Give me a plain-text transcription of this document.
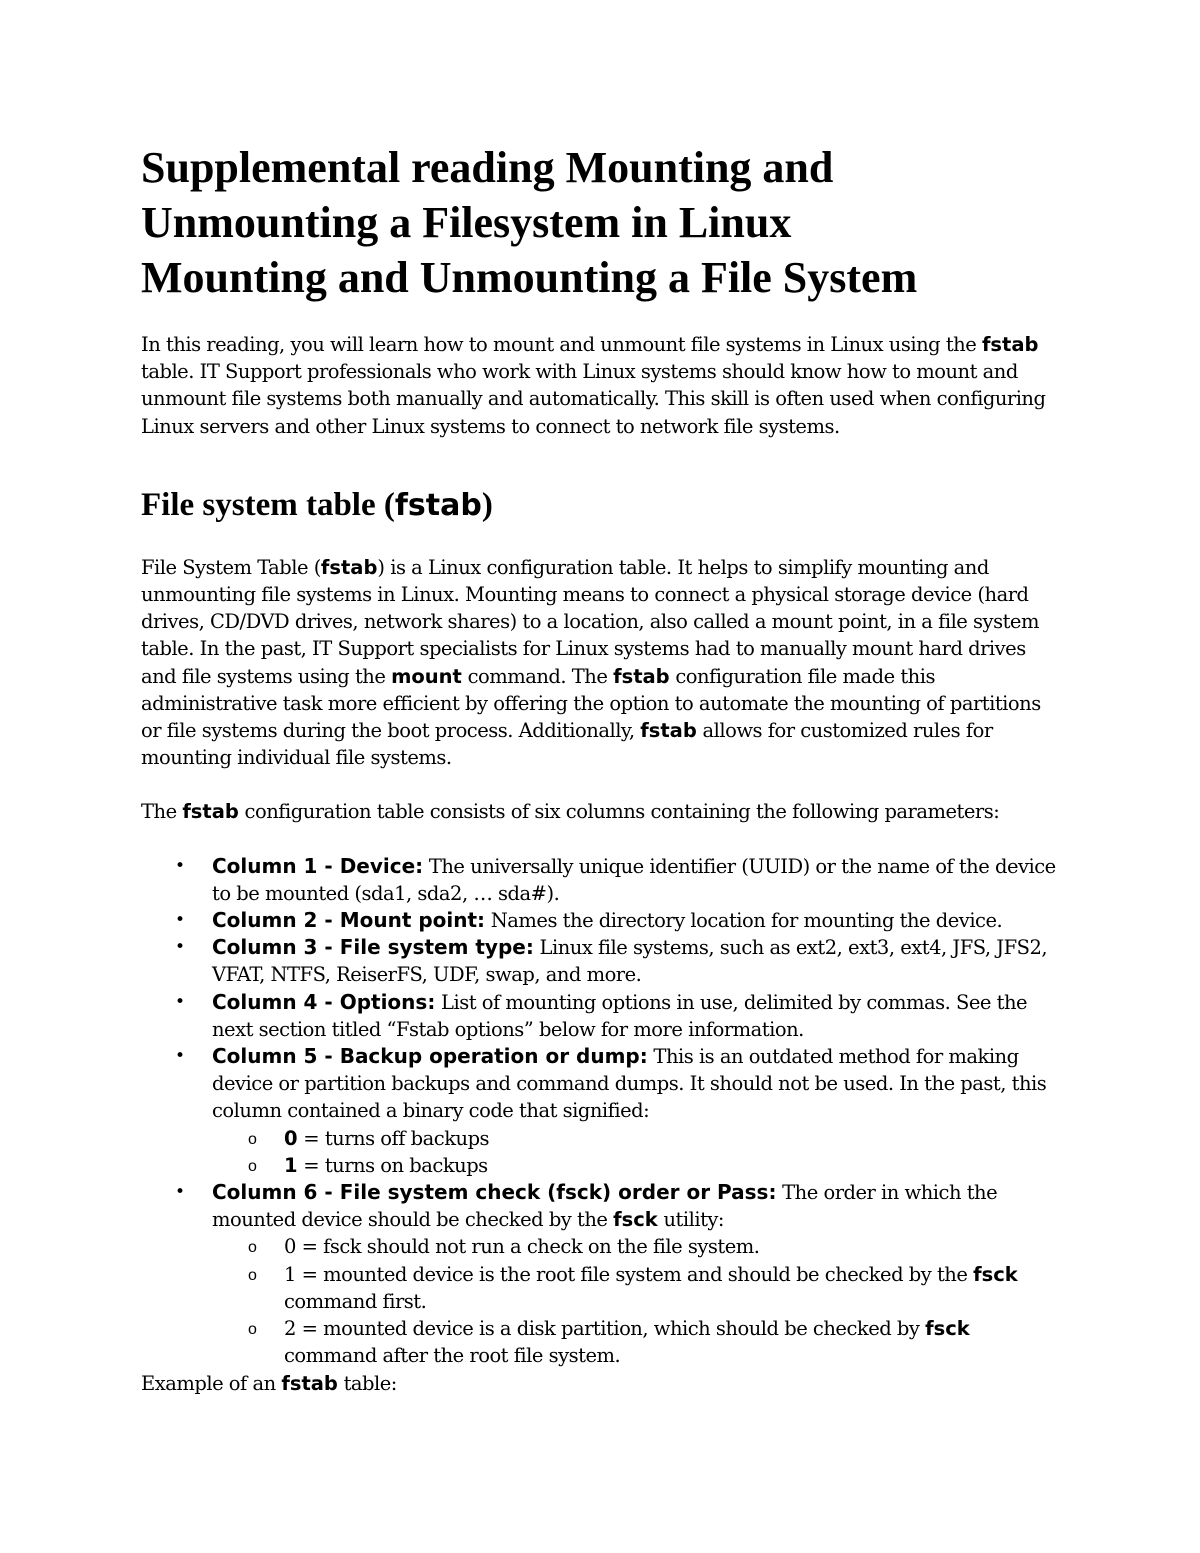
Supplemental reading Mounting and
Unmounting a Filesystem in Linux
Mounting and Unmounting a File System

In this reading, you will learn how to mount and unmount file systems in Linux using the fstab table. IT Support professionals who work with Linux systems should know how to mount and unmount file systems both manually and automatically. This skill is often used when configuring Linux servers and other Linux systems to connect to network file systems.

File system table (fstab)

File System Table (fstab) is a Linux configuration table. It helps to simplify mounting and unmounting file systems in Linux. Mounting means to connect a physical storage device (hard drives, CD/DVD drives, network shares) to a location, also called a mount point, in a file system table. In the past, IT Support specialists for Linux systems had to manually mount hard drives and file systems using the mount command. The fstab configuration file made this administrative task more efficient by offering the option to automate the mounting of partitions or file systems during the boot process. Additionally, fstab allows for customized rules for mounting individual file systems.

The fstab configuration table consists of six columns containing the following parameters:

• Column 1 - Device: The universally unique identifier (UUID) or the name of the device to be mounted (sda1, sda2, … sda#).
• Column 2 - Mount point: Names the directory location for mounting the device.
• Column 3 - File system type: Linux file systems, such as ext2, ext3, ext4, JFS, JFS2, VFAT, NTFS, ReiserFS, UDF, swap, and more.
• Column 4 - Options: List of mounting options in use, delimited by commas. See the next section titled “Fstab options” below for more information.
• Column 5 - Backup operation or dump: This is an outdated method for making device or partition backups and command dumps. It should not be used. In the past, this column contained a binary code that signified:
o 0 = turns off backups
o 1 = turns on backups
• Column 6 - File system check (fsck) order or Pass: The order in which the mounted device should be checked by the fsck utility:
o 0 = fsck should not run a check on the file system.
o 1 = mounted device is the root file system and should be checked by the fsck command first.
o 2 = mounted device is a disk partition, which should be checked by fsck command after the root file system.

Example of an fstab table:
